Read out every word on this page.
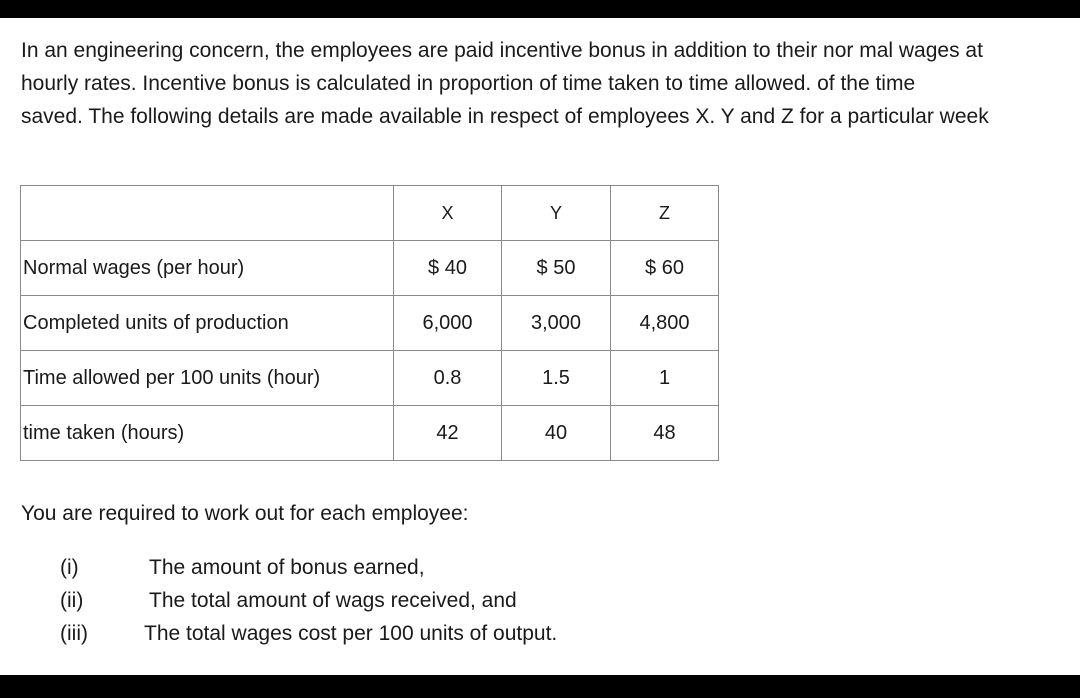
In an engineering concern, the employees are paid incentive bonus in addition to their nor mal wages at
hourly rates. Incentive bonus is calculated in proportion of time taken to time allowed. of the time
saved. The following details are made available in respect of employees X. Y and Z for a particular week

	X	Y	Z
Normal wages (per hour)	$ 40	$ 50	$ 60
Completed units of production	6,000	3,000	4,800
Time allowed per 100 units (hour)	0.8	1.5	1
time taken (hours)	42	40	48

You are required to work out for each employee:

(i)	The amount of bonus earned,
(ii)	The total amount of wags received, and
(iii)	The total wages cost per 100 units of output.
